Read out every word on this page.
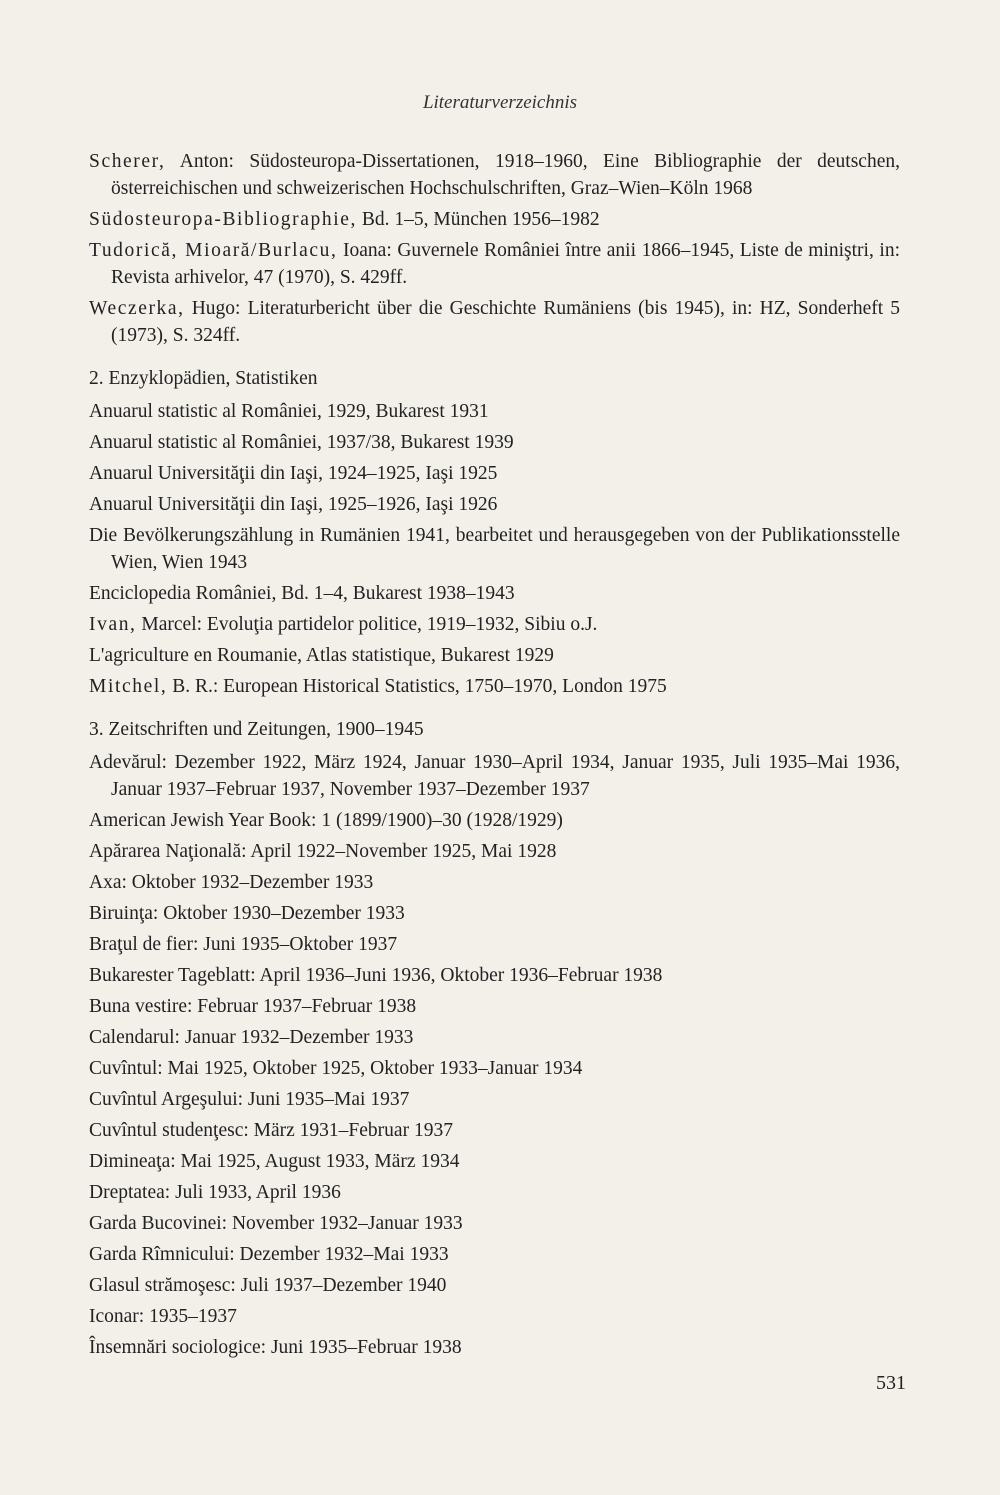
Literaturverzeichnis

Scherer, Anton: Südosteuropa-Dissertationen, 1918–1960, Eine Bibliographie der deutschen, österreichischen und schweizerischen Hochschulschriften, Graz–Wien–Köln 1968

Südosteuropa-Bibliographie, Bd. 1–5, München 1956–1982

Tudorică, Mioară/Burlacu, Ioana: Guvernele României între anii 1866–1945, Liste de miniştri, in: Revista arhivelor, 47 (1970), S. 429ff.

Weczerka, Hugo: Literaturbericht über die Geschichte Rumäniens (bis 1945), in: HZ, Sonderheft 5 (1973), S. 324ff.

2. Enzyklopädien, Statistiken

Anuarul statistic al României, 1929, Bukarest 1931

Anuarul statistic al României, 1937/38, Bukarest 1939

Anuarul Universităţii din Iaşi, 1924–1925, Iaşi 1925

Anuarul Universităţii din Iaşi, 1925–1926, Iaşi 1926

Die Bevölkerungszählung in Rumänien 1941, bearbeitet und herausgegeben von der Publikationsstelle Wien, Wien 1943

Enciclopedia României, Bd. 1–4, Bukarest 1938–1943

Ivan, Marcel: Evoluţia partidelor politice, 1919–1932, Sibiu o.J.

L'agriculture en Roumanie, Atlas statistique, Bukarest 1929

Mitchel, B. R.: European Historical Statistics, 1750–1970, London 1975

3. Zeitschriften und Zeitungen, 1900–1945

Adevărul: Dezember 1922, März 1924, Januar 1930–April 1934, Januar 1935, Juli 1935–Mai 1936, Januar 1937–Februar 1937, November 1937–Dezember 1937

American Jewish Year Book: 1 (1899/1900)–30 (1928/1929)

Apărarea Naţională: April 1922–November 1925, Mai 1928

Axa: Oktober 1932–Dezember 1933

Biruinţa: Oktober 1930–Dezember 1933

Braţul de fier: Juni 1935–Oktober 1937

Bukarester Tageblatt: April 1936–Juni 1936, Oktober 1936–Februar 1938

Buna vestire: Februar 1937–Februar 1938

Calendarul: Januar 1932–Dezember 1933

Cuvîntul: Mai 1925, Oktober 1925, Oktober 1933–Januar 1934

Cuvîntul Argeşului: Juni 1935–Mai 1937

Cuvîntul studenţesc: März 1931–Februar 1937

Dimineaţa: Mai 1925, August 1933, März 1934

Dreptatea: Juli 1933, April 1936

Garda Bucovinei: November 1932–Januar 1933

Garda Rîmnicului: Dezember 1932–Mai 1933

Glasul strămoşesc: Juli 1937–Dezember 1940

Iconar: 1935–1937

Însemnări sociologice: Juni 1935–Februar 1938

531
